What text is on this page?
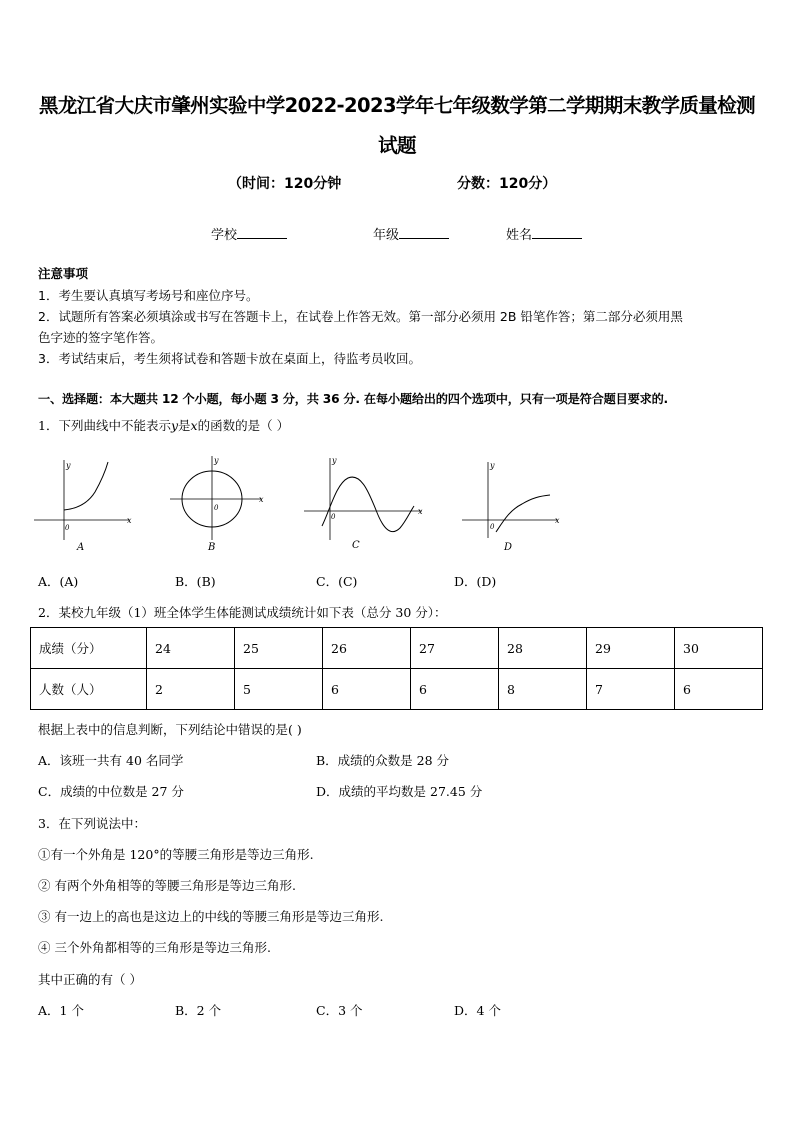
黑龙江省大庆市肇州实验中学2022-2023学年七年级数学第二学期期末教学质量检测
试题
（时间：120分钟	分数：120分）
学校	年级	姓名
注意事项
1．考生要认真填写考场号和座位序号。
2．试题所有答案必须填涂或书写在答题卡上，在试卷上作答无效。第一部分必须用 2B 铅笔作答；第二部分必须用黑
色字迹的签字笔作答。
3．考试结束后，考生须将试卷和答题卡放在桌面上，待监考员收回。
一、选择题：本大题共 12 个小题，每小题 3 分，共 36 分. 在每小题给出的四个选项中，只有一项是符合题目要求的.
1．下列曲线中不能表示y是x的函数的是（ ）
x
y
0
A
x
y
0
B
x
y
0
C
x
y
0
D
A．(A)	B．(B)	C．(C)	D．(D)
2．某校九年级（1）班全体学生体能测试成绩统计如下表（总分 30 分）：
成绩（分）	24	25	26	27	28	29	30
人数（人）	2	5	6	6	8	7	6
根据上表中的信息判断，下列结论中错误的是( )
A．该班一共有 40 名同学	B．成绩的众数是 28 分
C．成绩的中位数是 27 分	D．成绩的平均数是 27.45 分
3．在下列说法中：
①有一个外角是 120°的等腰三角形是等边三角形.
② 有两个外角相等的等腰三角形是等边三角形.
③ 有一边上的高也是这边上的中线的等腰三角形是等边三角形.
④ 三个外角都相等的三角形是等边三角形.
其中正确的有（ ）
A．1 个	B．2 个	C．3 个	D．4 个
